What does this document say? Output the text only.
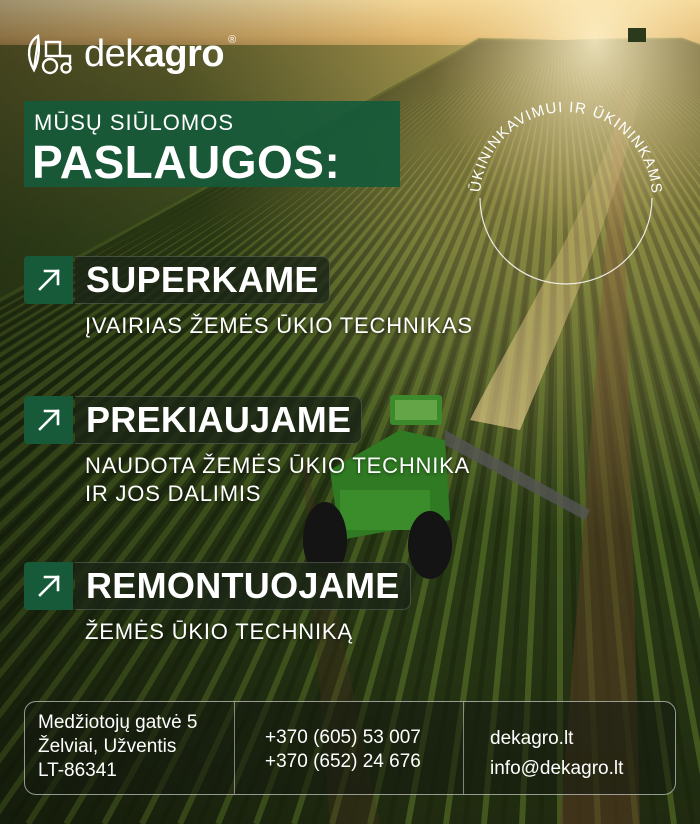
dekagro ®
MŪSŲ SIŪLOMOS
PASLAUGOS:	ŪKININKAVIMUI IR ŪKININKAMS
SUPERKAME
ĮVAIRIAS ŽEMĖS ŪKIO TECHNIKAS
PREKIAUJAME
NAUDOTA ŽEMĖS ŪKIO TECHNIKA
IR JOS DALIMIS
REMONTUOJAME
ŽEMĖS ŪKIO TECHNIKĄ
Medžiotojų gatvė 5
Želviai, Užventis
LT-86341
+370 (605) 53 007
+370 (652) 24 676
dekagro.lt
info@dekagro.lt
